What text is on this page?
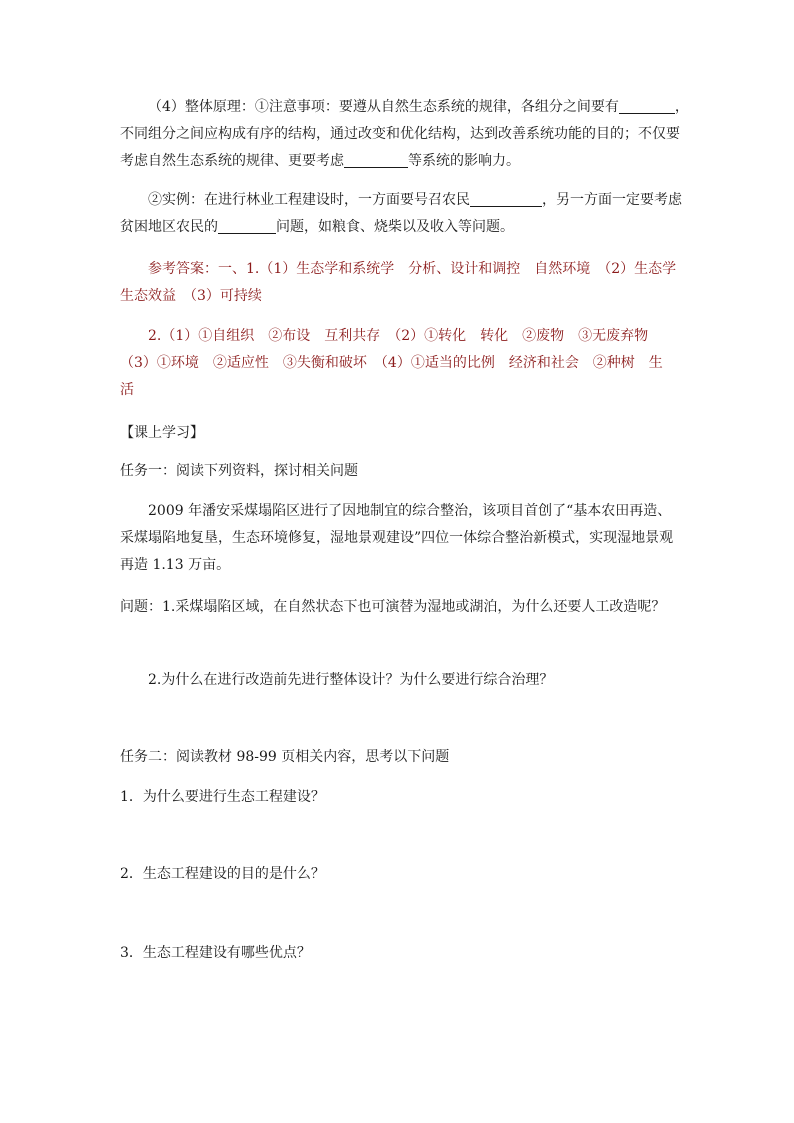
（4）整体原理：①注意事项：要遵从自然生态系统的规律，各组分之间要有	，
不同组分之间应构成有序的结构，通过改变和优化结构，达到改善系统功能的目的；不仅要
考虑自然生态系统的规律、更要考虑	等系统的影响力。
②实例：在进行林业工程建设时，一方面要号召农民	，另一方面一定要考虑
贫困地区农民的	问题，如粮食、烧柴以及收入等问题。
参考答案：一、1.（1）生态学和系统学　分析、设计和调控　自然环境　（2）生态学
生态效益　（3）可持续
2.（1）①自组织　②布设　互利共存　（2）①转化　转化　②废物　③无废弃物
（3）①环境　②适应性　③失衡和破坏　（4）①适当的比例　经济和社会　②种树　生
活
【课上学习】
任务一：阅读下列资料，探讨相关问题
2009 年潘安采煤塌陷区进行了因地制宜的综合整治，该项目首创了“基本农田再造、
采煤塌陷地复垦，生态环境修复，湿地景观建设”四位一体综合整治新模式，实现湿地景观
再造 1.13 万亩。
问题：1.采煤塌陷区域，在自然状态下也可演替为湿地或湖泊，为什么还要人工改造呢？
2.为什么在进行改造前先进行整体设计？为什么要进行综合治理？
任务二：阅读教材 98-99 页相关内容，思考以下问题
1．为什么要进行生态工程建设？
2．生态工程建设的目的是什么？
3．生态工程建设有哪些优点？
